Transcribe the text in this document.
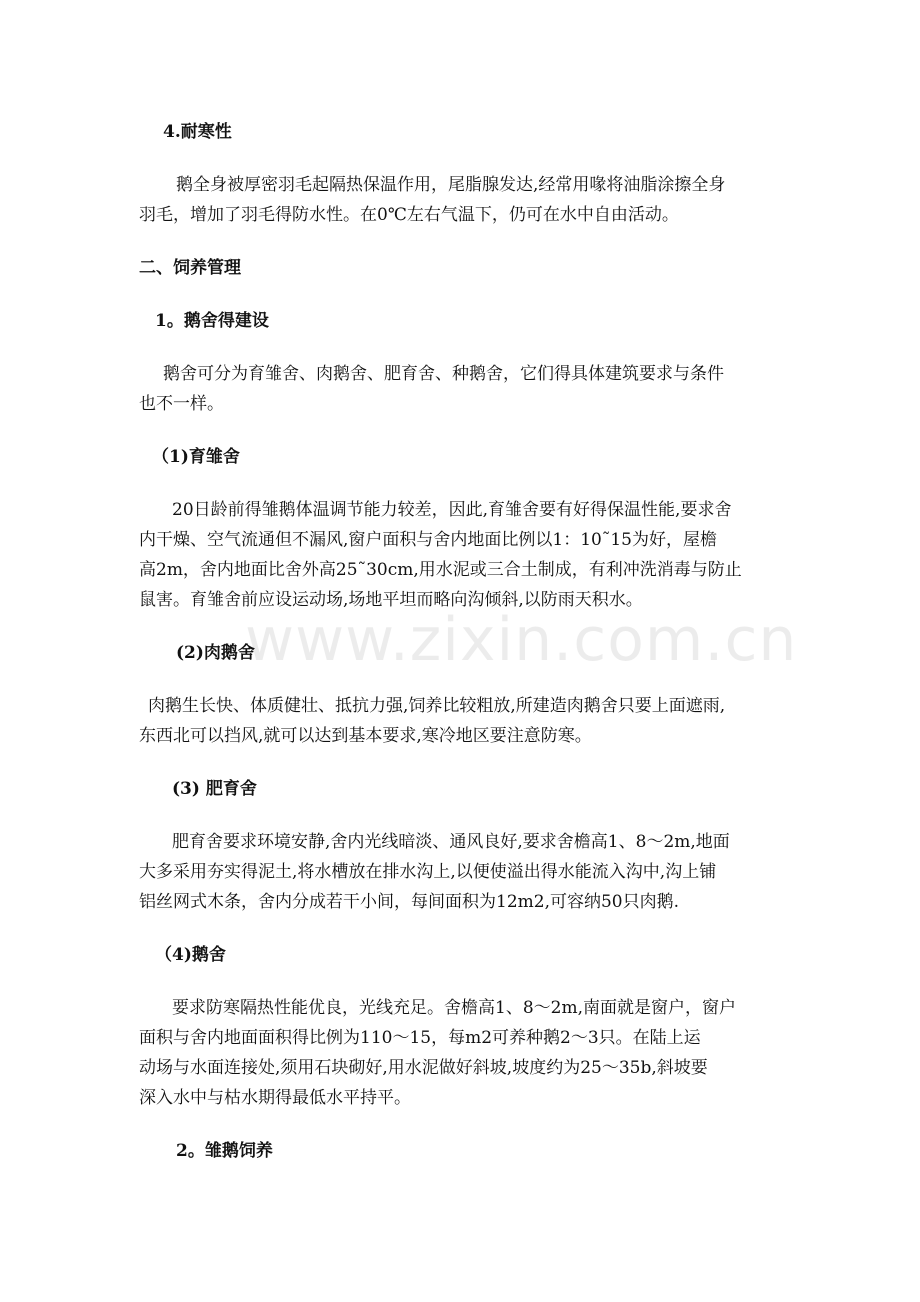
www.zixin.com.cn

4.耐寒性

鹅全身被厚密羽毛起隔热保温作用，尾脂腺发达,经常用喙将油脂涂擦全身

羽毛，增加了羽毛得防水性。在0℃左右气温下，仍可在水中自由活动。

二、饲养管理

1。鹅舍得建设

鹅舍可分为育雏舍、肉鹅舍、肥育舍、种鹅舍，它们得具体建筑要求与条件

也不一样。

（1)育雏舍

20日龄前得雏鹅体温调节能力较差，因此,育雏舍要有好得保温性能,要求舍

内干燥、空气流通但不漏风,窗户面积与舍内地面比例以1：10˜15为好，屋檐

高2m，舍内地面比舍外高25˜30cm,用水泥或三合土制成，有利冲洗消毒与防止

鼠害。育雏舍前应设运动场,场地平坦而略向沟倾斜,以防雨天积水。

(2)肉鹅舍

肉鹅生长快、体质健壮、抵抗力强,饲养比较粗放,所建造肉鹅舍只要上面遮雨,

东西北可以挡风,就可以达到基本要求,寒冷地区要注意防寒。

(3) 肥育舍

肥育舍要求环境安静,舍内光线暗淡、通风良好,要求舍檐高1、8～2m,地面

大多采用夯实得泥土,将水槽放在排水沟上,以便使溢出得水能流入沟中,沟上铺

铝丝网式木条，舍内分成若干小间，每间面积为12m2,可容纳50只肉鹅.

（4)鹅舍

要求防寒隔热性能优良，光线充足。舍檐高1、8～2m,南面就是窗户，窗户

面积与舍内地面面积得比例为110～15，每m2可养种鹅2～3只。在陆上运

动场与水面连接处,须用石块砌好,用水泥做好斜坡,坡度约为25～35b,斜坡要

深入水中与枯水期得最低水平持平。

2。雏鹅饲养
